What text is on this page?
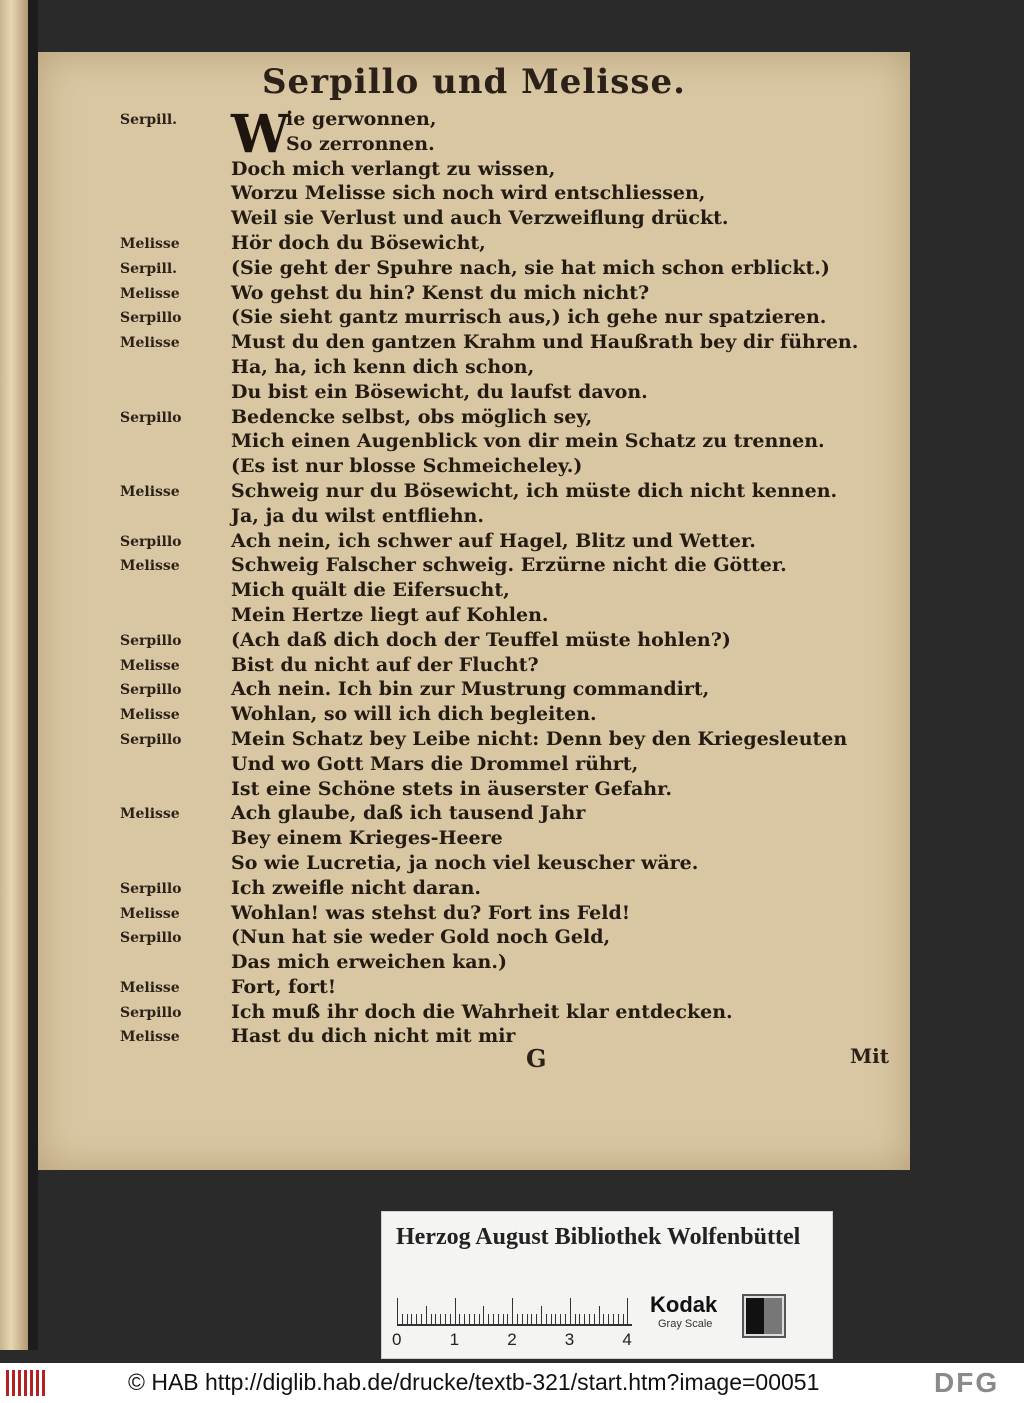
Serpillo und Melisse.
W
Serpill.	ie gerwonnen,
So zerronnen.
Doch mich verlangt zu wissen,
Worzu Melisse sich noch wird entschliessen,
Weil sie Verlust und auch Verzweiflung drückt.
Melisse	Hör doch du Bösewicht,
Serpill.	(Sie geht der Spuhre nach, sie hat mich schon erblickt.)
Melisse	Wo gehst du hin? Kenst du mich nicht?
Serpillo	(Sie sieht gantz murrisch aus,) ich gehe nur spatzieren.
Melisse	Must du den gantzen Krahm und Haußrath bey dir führen.
Ha, ha, ich kenn dich schon,
Du bist ein Bösewicht, du laufst davon.
Serpillo	Bedencke selbst, obs möglich sey,
Mich einen Augenblick von dir mein Schatz zu trennen.
(Es ist nur blosse Schmeicheley.)
Melisse	Schweig nur du Bösewicht, ich müste dich nicht kennen.
Ja, ja du wilst entfliehn.
Serpillo	Ach nein, ich schwer auf Hagel, Blitz und Wetter.
Melisse	Schweig Falscher schweig. Erzürne nicht die Götter.
Mich quält die Eifersucht,
Mein Hertze liegt auf Kohlen.
Serpillo	(Ach daß dich doch der Teuffel müste hohlen?)
Melisse	Bist du nicht auf der Flucht?
Serpillo	Ach nein. Ich bin zur Mustrung commandirt,
Melisse	Wohlan, so will ich dich begleiten.
Serpillo	Mein Schatz bey Leibe nicht: Denn bey den Kriegesleuten
Und wo Gott Mars die Drommel rührt,
Ist eine Schöne stets in äuserster Gefahr.
Melisse	Ach glaube, daß ich tausend Jahr
Bey einem Krieges-Heere
So wie Lucretia, ja noch viel keuscher wäre.
Serpillo	Ich zweifle nicht daran.
Melisse	Wohlan! was stehst du? Fort ins Feld!
Serpillo	(Nun hat sie weder Gold noch Geld,
Das mich erweichen kan.)
Melisse	Fort, fort!
Serpillo	Ich muß ihr doch die Wahrheit klar entdecken.
Melisse	Hast du dich nicht mit mir
G	Mit
Herzog August Bibliothek Wolfenbüttel
0	1	2	3	4
Kodak
Gray Scale
© HAB http://diglib.hab.de/drucke/textb-321/start.htm?image=00051	DFG
